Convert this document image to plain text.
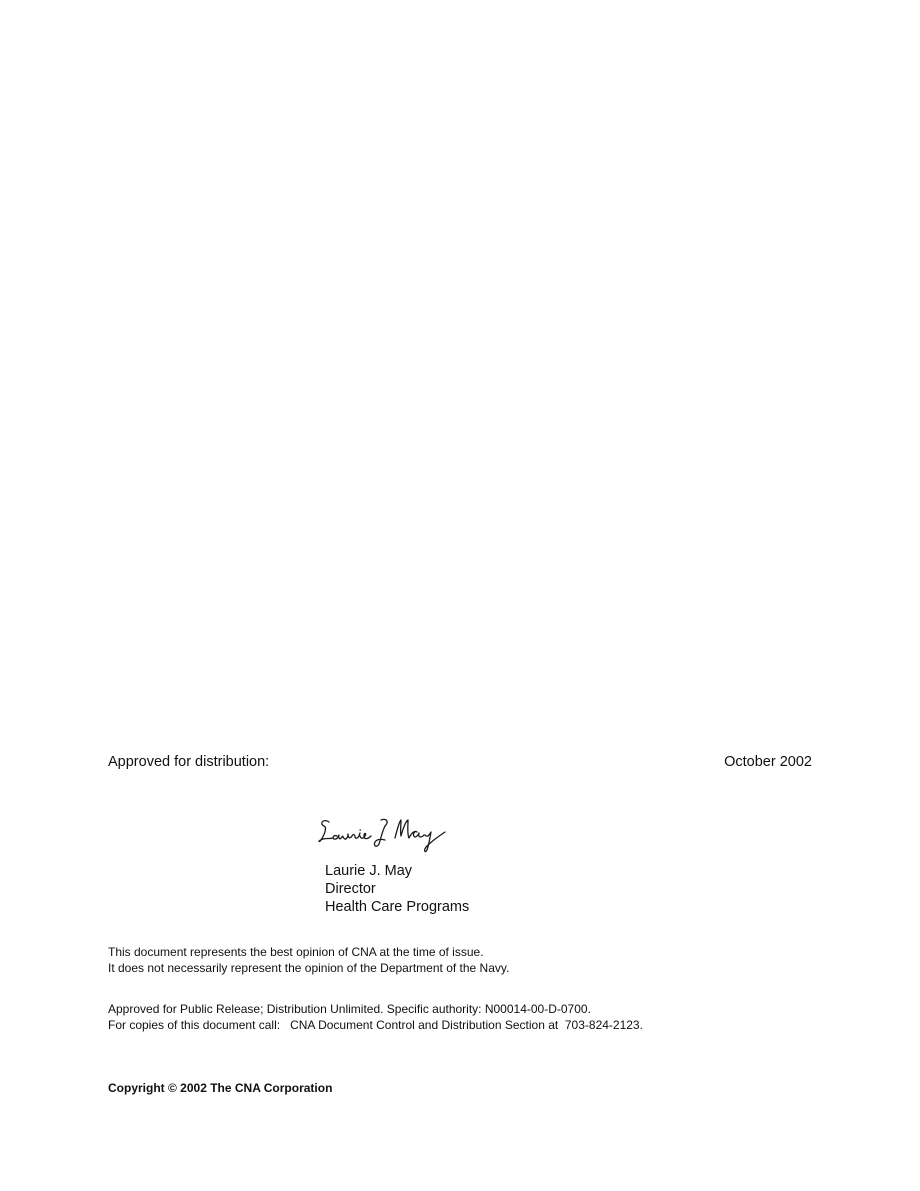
Approved for distribution:	October 2002
Laurie J. May
Director
Health Care Programs
This document represents the best opinion of CNA at the time of issue.
It does not necessarily represent the opinion of the Department of the Navy.
Approved for Public Release; Distribution Unlimited. Specific authority: N00014-00-D-0700.
For copies of this document call:   CNA Document Control and Distribution Section at  703-824-2123.
Copyright © 2002 The CNA Corporation
